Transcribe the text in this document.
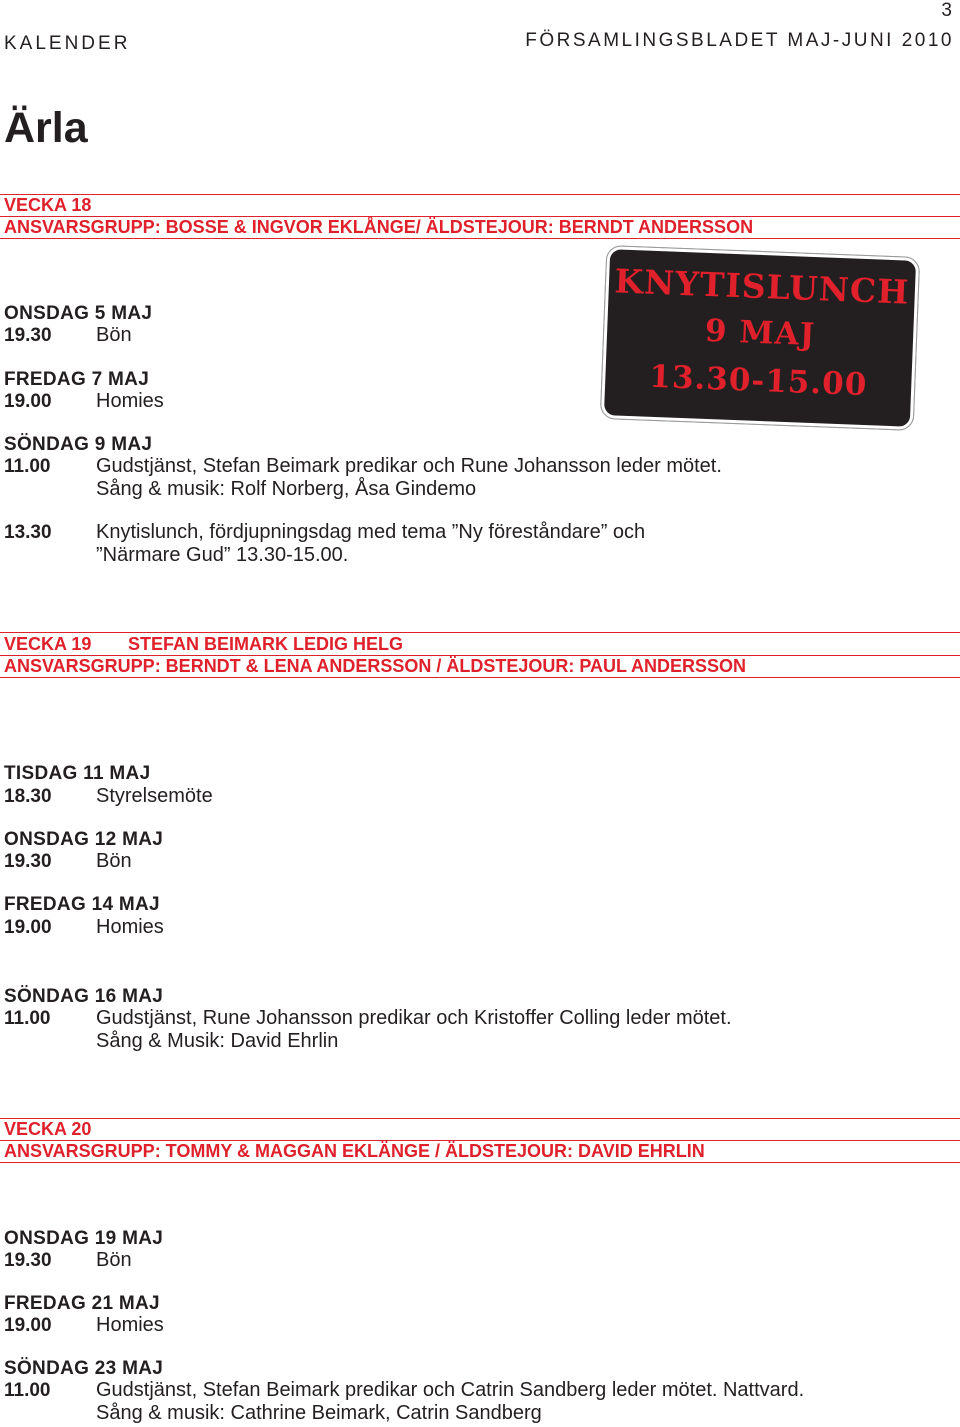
3
KALENDER	FÖRSAMLINGSBLADET MAJ-JUNI 2010
Ärla
KNYTISLUNCH
9 MAJ
13.30-15.00
VECKA 18
ANSVARSGRUPP: BOSSE & INGVOR EKLÅNGE/ ÄLDSTEJOUR: BERNDT ANDERSSON
ONSDAG 5 MAJ
19.30 Bön
FREDAG 7 MAJ
19.00 Homies
SÖNDAG 9 MAJ
11.00 Gudstjänst, Stefan Beimark predikar och Rune Johansson leder mötet.
Sång & musik: Rolf Norberg, Åsa Gindemo
13.30 Knytislunch, fördjupningsdag med tema ”Ny föreståndare” och
”Närmare Gud” 13.30-15.00.
VECKA 19 STEFAN BEIMARK LEDIG HELG
ANSVARSGRUPP: BERNDT & LENA ANDERSSON / ÄLDSTEJOUR: PAUL ANDERSSON
TISDAG 11 MAJ
18.30 Styrelsemöte
ONSDAG 12 MAJ
19.30 Bön
FREDAG 14 MAJ
19.00 Homies
SÖNDAG 16 MAJ
11.00 Gudstjänst, Rune Johansson predikar och Kristoffer Colling leder mötet.
Sång & Musik: David Ehrlin
VECKA 20
ANSVARSGRUPP: TOMMY & MAGGAN EKLÄNGE / ÄLDSTEJOUR: DAVID EHRLIN
ONSDAG 19 MAJ
19.30 Bön
FREDAG 21 MAJ
19.00 Homies
SÖNDAG 23 MAJ
11.00 Gudstjänst, Stefan Beimark predikar och Catrin Sandberg leder mötet. Nattvard.
Sång & musik: Cathrine Beimark, Catrin Sandberg
